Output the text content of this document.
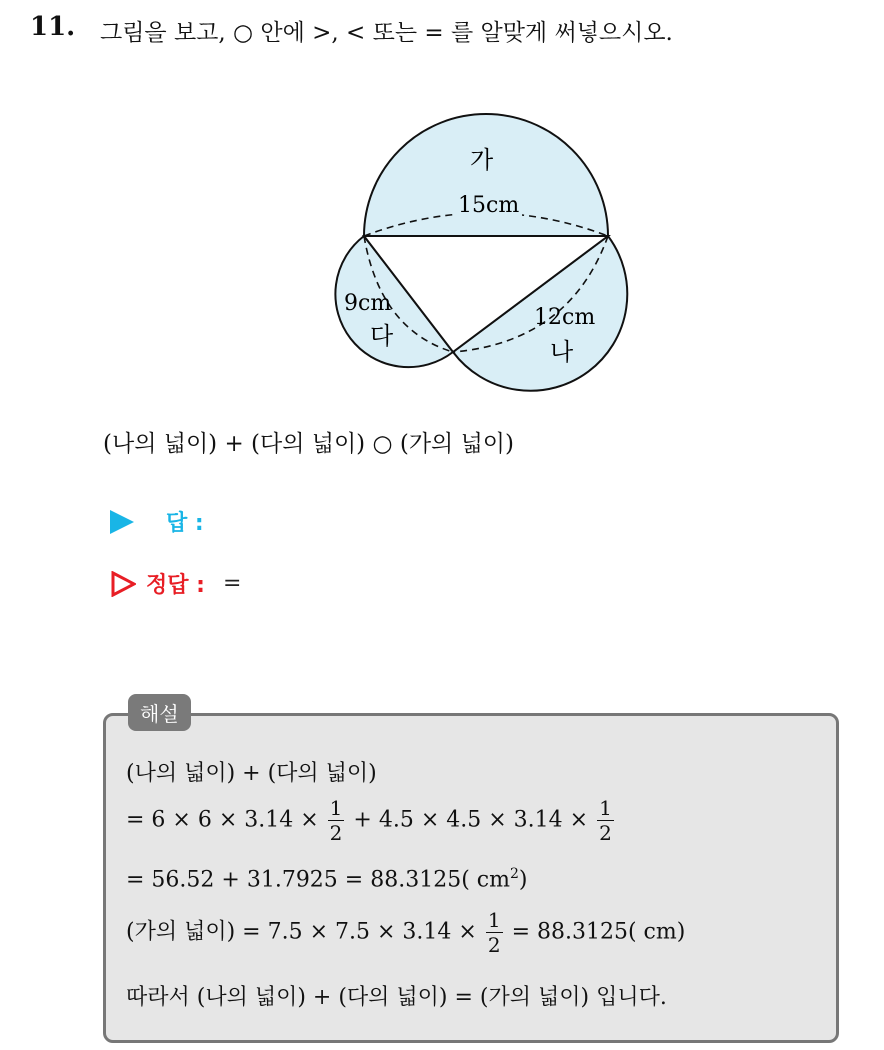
11. 그림을 보고, ○ 안에 >, < 또는 = 를 알맞게 써넣으시오.
가
15cm
9cm
다
12cm
나
(나의 넓이) + (다의 넓이) ○ (가의 넓이)
답 :
정답 : =
해설
(나의 넓이) + (다의 넓이)
= $6 \times 6 \times 3.14 \times \frac{1}{2} + 4.5 \times 4.5 \times 3.14 \times \frac{1}{2}$
= 56.52 + 31.7925 = 88.3125( $cm^2$)
(가의 넓이) = $7.5 \times 7.5 \times 3.14 \times \frac{1}{2} = 88.3125$( cm)
따라서 (나의 넓이) + (다의 넓이) = (가의 넓이) 입니다.
